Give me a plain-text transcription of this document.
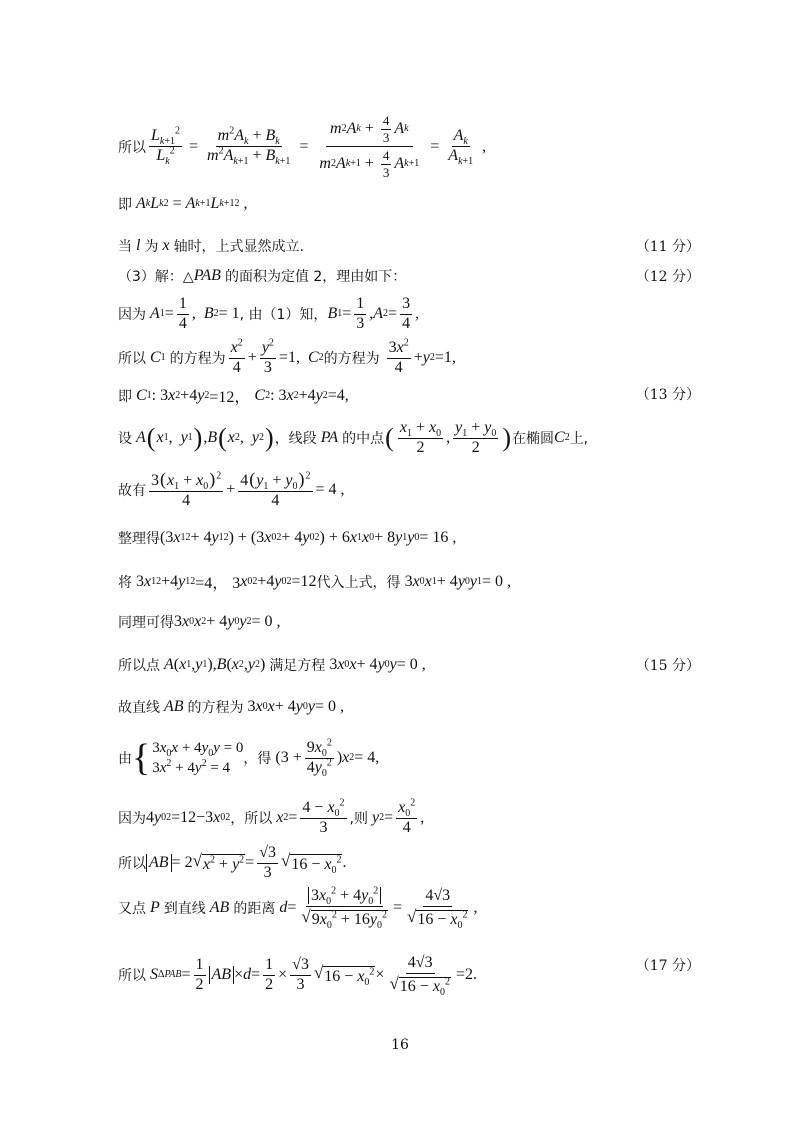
所以 $\frac{L_{k+1}^2}{L_k^2} = \frac{m^2A_k + B_k}{m^2A_{k+1} + B_{k+1}} = \frac{m 2 A k + \frac{4}{3} A k}{m 2 A k+1 + \frac{4}{3} A k+1} = \frac{A_k}{A_{k+1}}$ ,
即
A k L k 2 = A k+1 L k+1 2 ,
当
l
为
x
轴时，上式显然成立.	（11 分）
（3）解：△ PAB
的面积为定值 2，理由如下：	（12 分）
因为
A $1 = \frac{1}{4}$ , B 2 = 1 , 由（1）知， B $1 = \frac{1}{3}$ , A $2 = \frac{3}{4}$ ,
所以
C 1
的方程为 $\frac{x^2}{4} + \frac{y^2}{3} =1$,
C 2 的方程为
$\frac{3x^2}{4} + y$ 2 =1,
即
C 1 : 3 x 2 +4 y 2 =12， C 2 : 3 x 2 +4 y 2 =4,	（13 分）
设
A ( x 1 , y 1 ) , B ( x 2 , y 2 ) ，线段
PA
的中点 ( $\frac{x_1 + x_0}{2}$ , $\frac{y_1 + y_0}{2}$ ) 在椭圆 C 2 上,
故有 $\frac{3(x_1 + x_0)^2}{4} + \frac{4(y_1 + y_0)^2}{4} = 4$ ,
整理得 (3 x 1 2 + 4 y 1 2 ) + (3 x 0 2 + 4 y 0 2 ) + 6 x 1 x 0 + 8 y 1 y 0 = 16 ,
将 3 x 1 2 +4 y 1 2 =4， 3 x 0 2 +4 y 0 2 =12 代入上式，得 3 x 0 x 1 + 4 y 0 y 1 = 0 ,
同理可得 3 x 0 x 2 + 4 y 0 y 2 = 0 ,
所以点
A ( x 1 , y 1 ), B ( x 2 , y 2 ) 满足方程 3 x 0 x + 4 y 0 y = 0 ,	（15 分）
故直线
AB
的方程为 3 x 0 x + 4 y 0 y = 0 ,
由 { $3x_0x + 4y_0y = 0$
$3x^2 + 4y^2 = 4$
，得 ($3 + \frac{9x_0^2}{4y_0^2}$ ) x 2 = 4,
因为 4 y 0 2 =12−3 x 0 2 ，所以
x $2 = \frac{4 - x_0^2}{3}$ ,则
y $2 = \frac{x_0^2}{4}$ ,
所以 AB = 2 √ $x^2 + y^2 = \frac{√3}{3}$ √ $16 - x_0^2$ .
又点
P
到直线
AB
的距离
$d = \frac{3x_0^2 + 4y_0^2}{√ 9x_0^2 + 16y_0^2} = \frac{4√3}{√ 16 - x_0^2}$ ,
所以
S $\Delta PAB = \frac{1}{2}$ AB × $d = \frac{1}{2} \times \frac{√3}{3}$ √ $16 - x_0^2 \times \frac{4√3}{√ 16 - x_0^2} =2$.
（17 分）
16
